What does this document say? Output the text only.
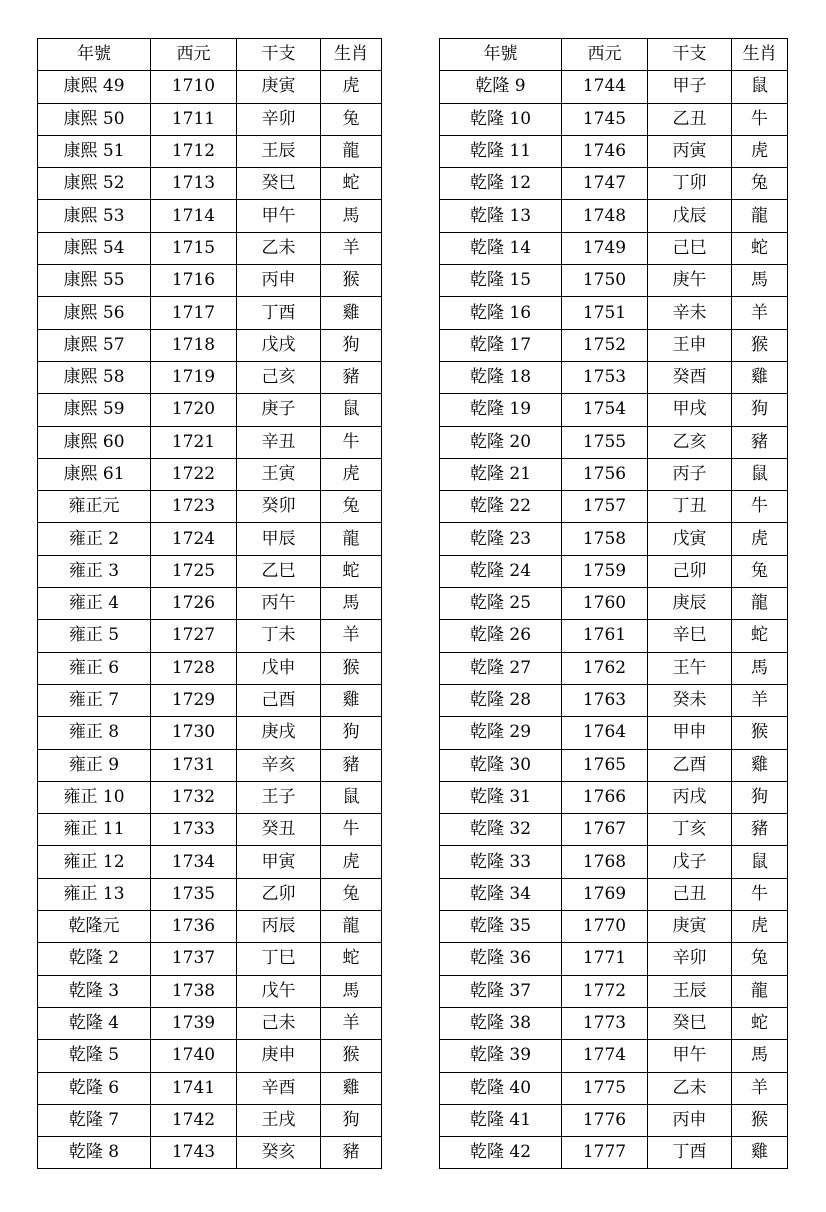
年號	西元	干支	生肖
康熙 49	1710	庚寅	虎
康熙 50	1711	辛卯	兔
康熙 51	1712	王辰	龍
康熙 52	1713	癸巳	蛇
康熙 53	1714	甲午	馬
康熙 54	1715	乙未	羊
康熙 55	1716	丙申	猴
康熙 56	1717	丁酉	雞
康熙 57	1718	戊戌	狗
康熙 58	1719	己亥	豬
康熙 59	1720	庚子	鼠
康熙 60	1721	辛丑	牛
康熙 61	1722	王寅	虎
雍正元	1723	癸卯	兔
雍正 2	1724	甲辰	龍
雍正 3	1725	乙巳	蛇
雍正 4	1726	丙午	馬
雍正 5	1727	丁未	羊
雍正 6	1728	戊申	猴
雍正 7	1729	己酉	雞
雍正 8	1730	庚戌	狗
雍正 9	1731	辛亥	豬
雍正 10	1732	王子	鼠
雍正 11	1733	癸丑	牛
雍正 12	1734	甲寅	虎
雍正 13	1735	乙卯	兔
乾隆元	1736	丙辰	龍
乾隆 2	1737	丁巳	蛇
乾隆 3	1738	戊午	馬
乾隆 4	1739	己未	羊
乾隆 5	1740	庚申	猴
乾隆 6	1741	辛酉	雞
乾隆 7	1742	王戌	狗
乾隆 8	1743	癸亥	豬
年號	西元	干支	生肖
乾隆 9	1744	甲子	鼠
乾隆 10	1745	乙丑	牛
乾隆 11	1746	丙寅	虎
乾隆 12	1747	丁卯	兔
乾隆 13	1748	戊辰	龍
乾隆 14	1749	己巳	蛇
乾隆 15	1750	庚午	馬
乾隆 16	1751	辛未	羊
乾隆 17	1752	王申	猴
乾隆 18	1753	癸酉	雞
乾隆 19	1754	甲戌	狗
乾隆 20	1755	乙亥	豬
乾隆 21	1756	丙子	鼠
乾隆 22	1757	丁丑	牛
乾隆 23	1758	戊寅	虎
乾隆 24	1759	己卯	兔
乾隆 25	1760	庚辰	龍
乾隆 26	1761	辛巳	蛇
乾隆 27	1762	王午	馬
乾隆 28	1763	癸未	羊
乾隆 29	1764	甲申	猴
乾隆 30	1765	乙酉	雞
乾隆 31	1766	丙戌	狗
乾隆 32	1767	丁亥	豬
乾隆 33	1768	戊子	鼠
乾隆 34	1769	己丑	牛
乾隆 35	1770	庚寅	虎
乾隆 36	1771	辛卯	兔
乾隆 37	1772	王辰	龍
乾隆 38	1773	癸巳	蛇
乾隆 39	1774	甲午	馬
乾隆 40	1775	乙未	羊
乾隆 41	1776	丙申	猴
乾隆 42	1777	丁酉	雞
